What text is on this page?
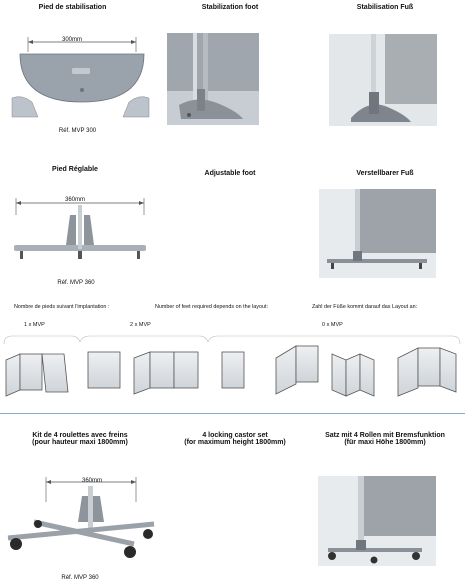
Pied de stabilisation	Stabilization foot	Stabilisation Fuß
300mm
Réf. MVP 300
Pied Réglable
Adjustable foot	Verstellbarer Fuß
360mm
Réf. MVP 360
Nombre de pieds suivant l'implantation :	Number of feet required depends on the layout:	Zahl der Füße kommt darauf das Layout an:
1 x MVP	2 x MVP	0 x MVP
Kit de 4 roulettes avec freins
(pour hauteur maxi 1800mm)
4 locking castor set
(for maximum height 1800mm)
Satz mit 4 Rollen mit Bremsfunktion
(für maxi Höhe 1800mm)
360mm
Réf. MVP 360
